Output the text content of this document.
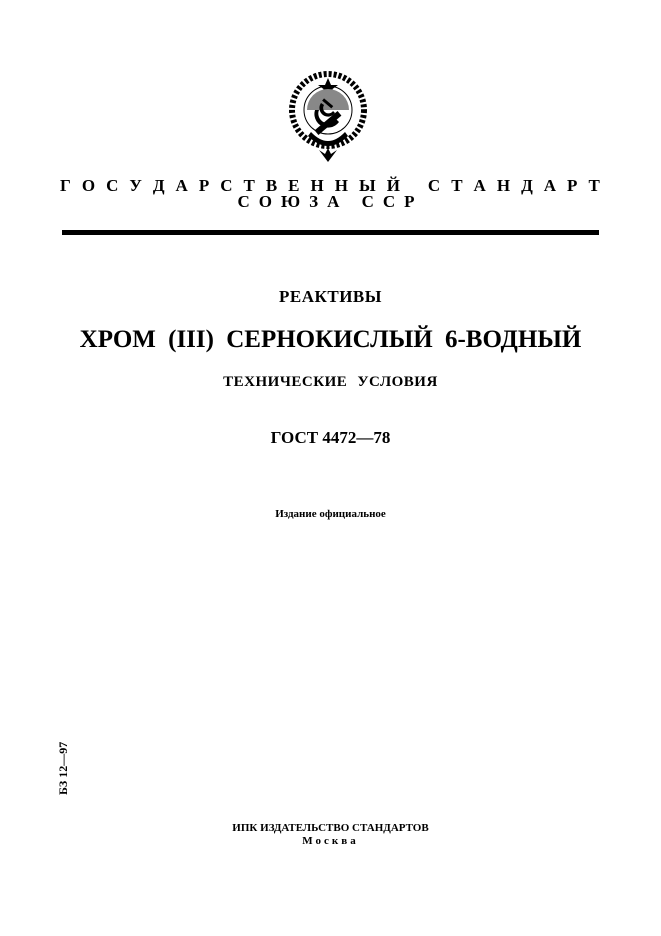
Г О С У Д А Р С Т В Е Н Н Ы Й С Т А Н Д А Р Т
СОЮЗА ССР
РЕАКТИВЫ
ХРОМ (III) СЕРНОКИСЛЫЙ 6-ВОДНЫЙ
ТЕХНИЧЕСКИЕ УСЛОВИЯ
ГОСТ 4472—78
Издание официальное
БЗ 12—97
ИПК ИЗДАТЕЛЬСТВО СТАНДАРТОВ
Москва
